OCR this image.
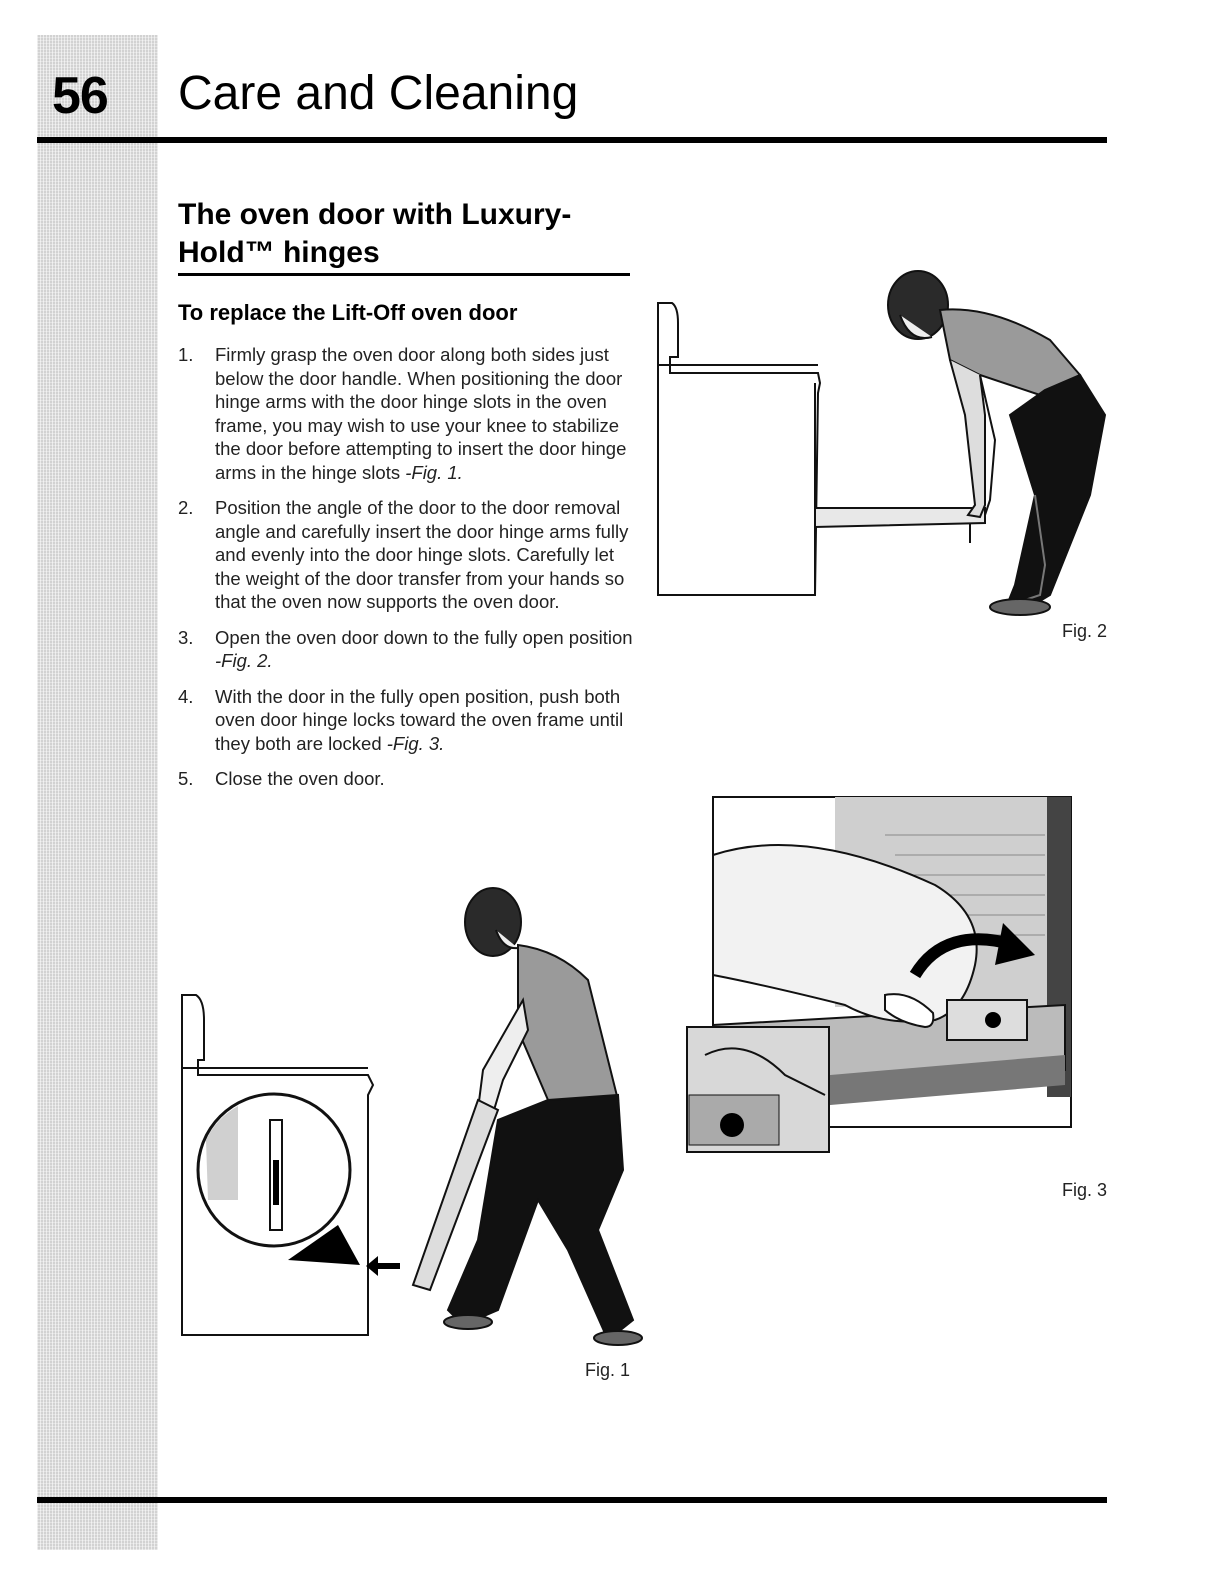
56 Care and Cleaning
The oven door with Luxury-Hold™ hinges
To replace the Lift-Off oven door
1. Firmly grasp the oven door along both sides just below the door handle. When positioning the door hinge arms with the door hinge slots in the oven frame, you may wish to use your knee to stabilize the door before attempting to insert the door hinge arms in the hinge slots -Fig. 1.
2. Position the angle of the door to the door removal angle and carefully insert the door hinge arms fully and evenly into the door hinge slots. Carefully let the weight of the door transfer from your hands so that the oven now supports the oven door.
3. Open the oven door down to the fully open position -Fig. 2.
4. With the door in the fully open position, push both oven door hinge locks toward the oven frame until they both are locked -Fig. 3.
5. Close the oven door.
Fig. 2
Fig. 3
Fig. 1
